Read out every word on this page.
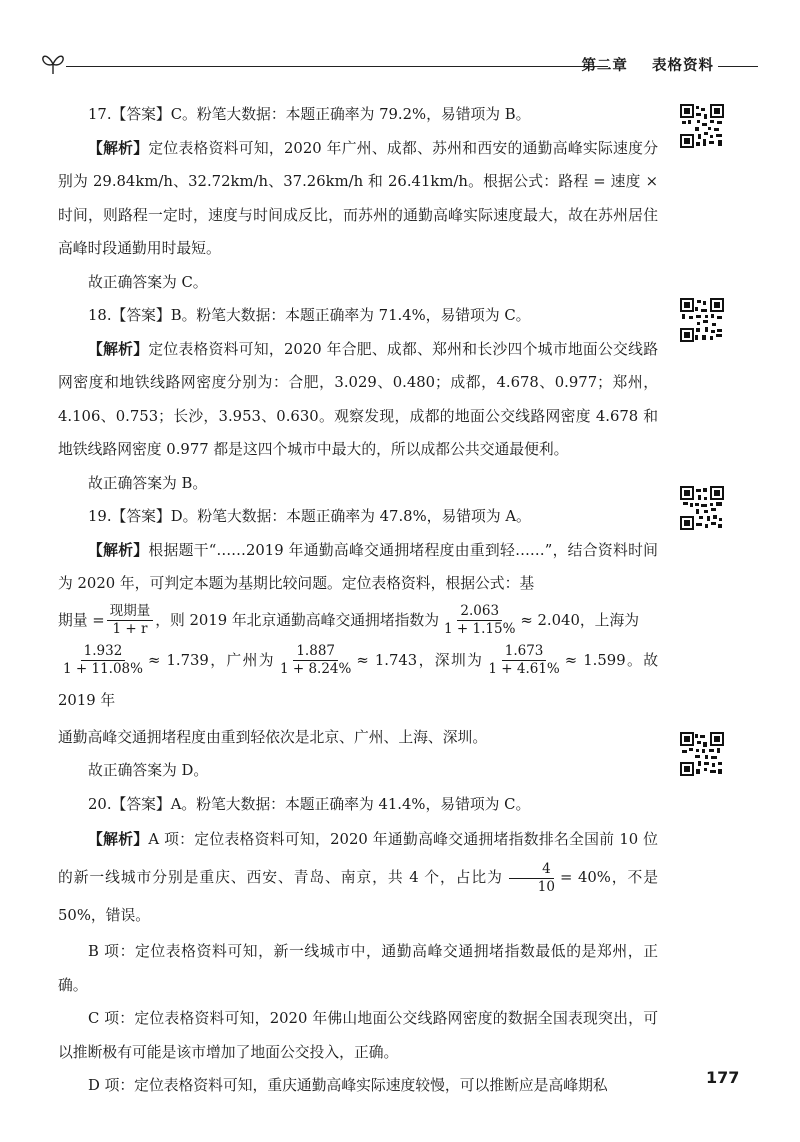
第二章 表格资料

17.【答案】C。粉笔大数据：本题正确率为 79.2%，易错项为 B。

【解析】定位表格资料可知，2020 年广州、成都、苏州和西安的通勤高峰实际速度分别为 29.84km/h、32.72km/h、37.26km/h 和 26.41km/h。根据公式：路程 = 速度 × 时间，则路程一定时，速度与时间成反比，而苏州的通勤高峰实际速度最大，故在苏州居住高峰时段通勤用时最短。

故正确答案为 C。

18.【答案】B。粉笔大数据：本题正确率为 71.4%，易错项为 C。

【解析】定位表格资料可知，2020 年合肥、成都、郑州和长沙四个城市地面公交线路网密度和地铁线路网密度分别为：合肥，3.029、0.480；成都，4.678、0.977；郑州，4.106、0.753；长沙，3.953、0.630。观察发现，成都的地面公交线路网密度 4.678 和地铁线路网密度 0.977 都是这四个城市中最大的，所以成都公共交通最便利。

故正确答案为 B。

19.【答案】D。粉笔大数据：本题正确率为 47.8%，易错项为 A。

【解析】根据题干“……2019 年通勤高峰交通拥堵程度由重到轻……”，结合资料时间为 2020 年，可判定本题为基期比较问题。定位表格资料，根据公式：基

期量 = $\frac{\text{现期量}}{1 + r}$ ，则 2019 年北京通勤高峰交通拥堵指数为 $\frac{2.063}{1 + 1.15\%} \approx 2.040$，上海为

$\frac{1.932}{1 + 11.08\%} \approx 1.739$，广州为 $\frac{1.887}{1 + 8.24\%} \approx 1.743$，深圳为 $\frac{1.673}{1 + 4.61\%} \approx 1.599$。故 2019 年

通勤高峰交通拥堵程度由重到轻依次是北京、广州、上海、深圳。

故正确答案为 D。

20.【答案】A。粉笔大数据：本题正确率为 41.4%，易错项为 C。

【解析】A 项：定位表格资料可知，2020 年通勤高峰交通拥堵指数排名全国前 10 位的新一线城市分别是重庆、西安、青岛、南京，共 4 个，占比为 $\frac{4}{10} = 40\%$，不是 50%，错误。

B 项：定位表格资料可知，新一线城市中，通勤高峰交通拥堵指数最低的是郑州，正确。

C 项：定位表格资料可知，2020 年佛山地面公交线路网密度的数据全国表现突出，可以推断极有可能是该市增加了地面公交投入，正确。

D 项：定位表格资料可知，重庆通勤高峰实际速度较慢，可以推断应是高峰期私	177
